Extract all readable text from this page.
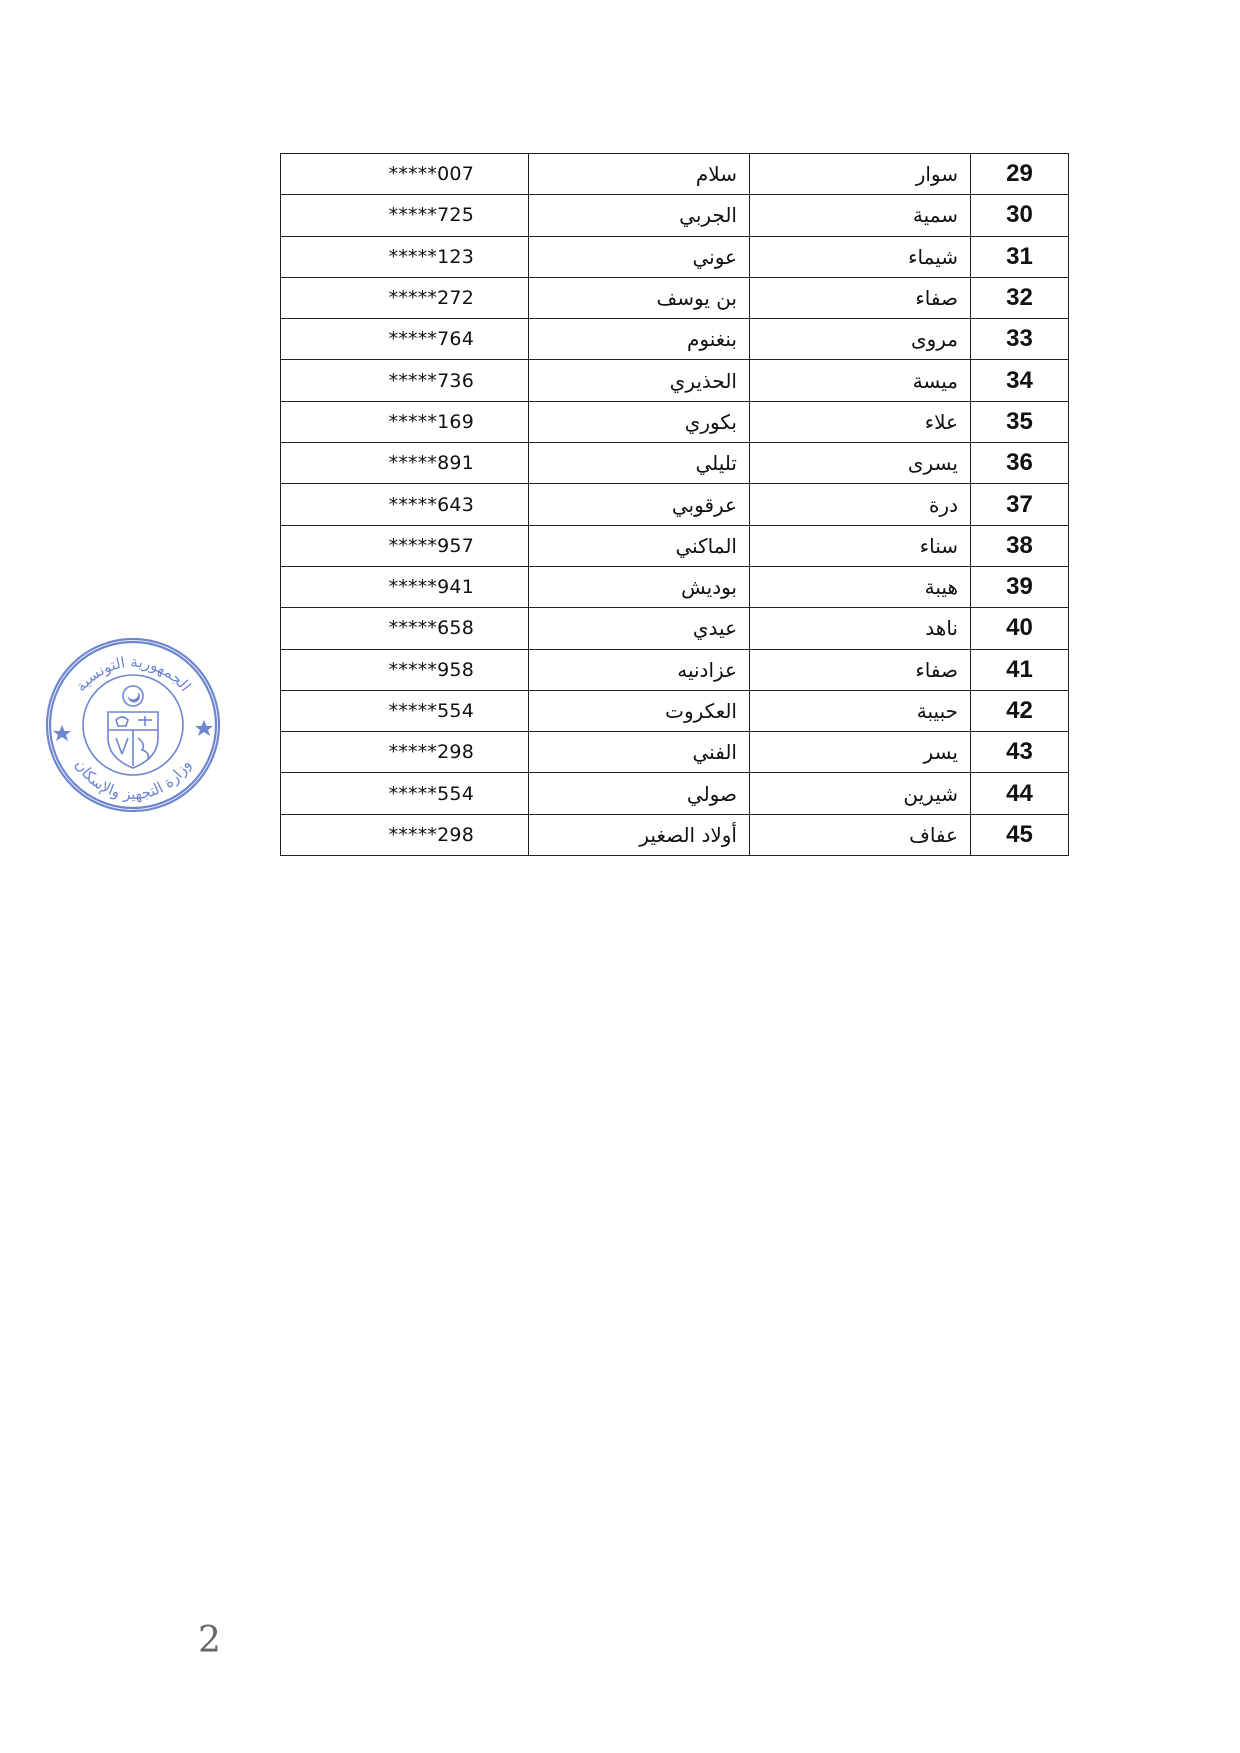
*****007	سلام	سوار	29
*****725	الجربي	سمية	30
*****123	عوني	شيماء	31
*****272	بن يوسف	صفاء	32
*****764	بنغنوم	مروى	33
*****736	الحذيري	ميسة	34
*****169	بكوري	علاء	35
*****891	تليلي	يسرى	36
*****643	عرقوبي	درة	37
*****957	الماكني	سناء	38
*****941	بوديش	هيبة	39
*****658	عيدي	ناهد	40
*****958	عزادنيه	صفاء	41
*****554	العكروت	حبيبة	42
*****298	الفني	يسر	43
*****554	صولي	شيرين	44
*****298	أولاد الصغير	عفاف	45
الجمهورية التونسية
وزارة التجهيز والإسكان
2
